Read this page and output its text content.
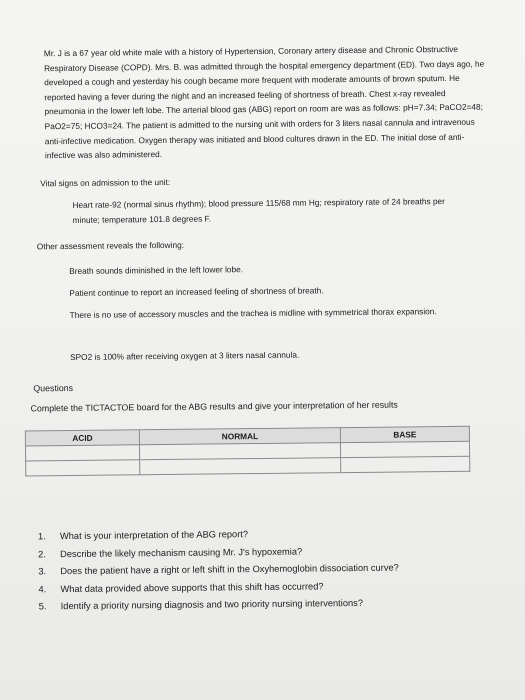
Mr. J is a 67 year old white male with a history of Hypertension, Coronary artery disease and Chronic Obstructive Respiratory Disease (COPD). Mrs. B. was admitted through the hospital emergency department (ED). Two days ago, he developed a cough and yesterday his cough became more frequent with moderate amounts of brown sputum. He reported having a fever during the night and an increased feeling of shortness of breath. Chest x-ray revealed pneumonia in the lower left lobe. The arterial blood gas (ABG) report on room are was as follows: pH=7.34; PaCO2=48; PaO2=75; HCO3=24. The patient is admitted to the nursing unit with orders for 3 liters nasal cannula and intravenous anti-infective medication. Oxygen therapy was initiated and blood cultures drawn in the ED. The initial dose of anti-infective was also administered.
Vital signs on admission to the unit:
Heart rate-92 (normal sinus rhythm); blood pressure 115/68 mm Hg; respiratory rate of 24 breaths per minute; temperature 101.8 degrees F.
Other assessment reveals the following:
Breath sounds diminished in the left lower lobe.
Patient continue to report an increased feeling of shortness of breath.
There is no use of accessory muscles and the trachea is midline with symmetrical thorax expansion.
SPO2 is 100% after receiving oxygen at 3 liters nasal cannula.
Questions
Complete the TICTACTOE board for the ABG results and give your interpretation of her results
ACID	NORMAL	BASE

1.	What is your interpretation of the ABG report?
2.	Describe the likely mechanism causing Mr. J's hypoxemia?
3.	Does the patient have a right or left shift in the Oxyhemoglobin dissociation curve?
4.	What data provided above supports that this shift has occurred?
5.	Identify a priority nursing diagnosis and two priority nursing interventions?
